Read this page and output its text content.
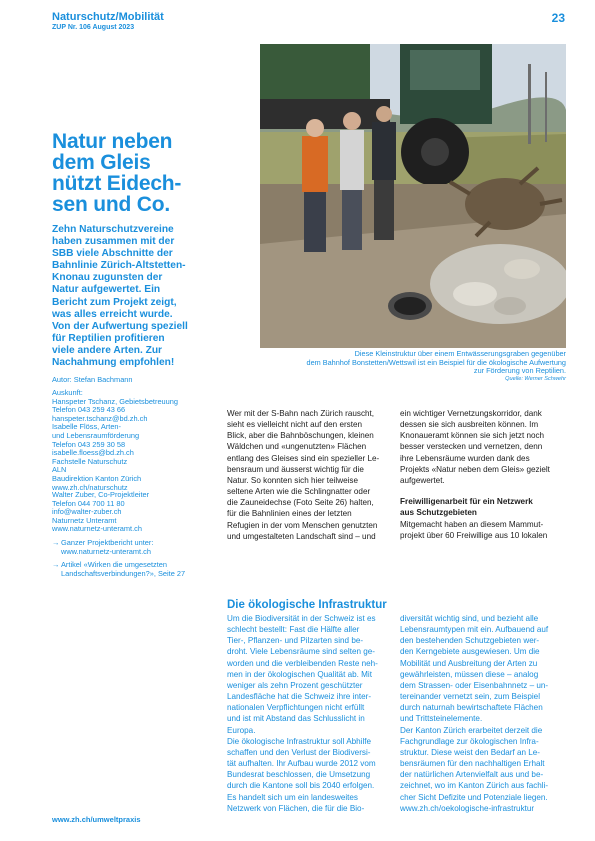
Naturschutz/Mobilität
ZUP Nr. 106 August 2023
23
Natur neben
dem Gleis
nützt Eidech-
sen und Co.
Zehn Naturschutzvereine
haben zusammen mit der
SBB viele Abschnitte der
Bahnlinie Zürich-Altstetten-
Knonau zugunsten der
Natur aufgewertet. Ein
Bericht zum Projekt zeigt,
was alles erreicht wurde.
Von der Aufwertung speziell
für Reptilien profitieren
viele andere Arten. Zur
Nachahmung empfohlen!
Autor: Stefan Bachmann
Auskunft:
Hanspeter Tschanz, Gebietsbetreuung
Telefon 043 259 43 66
hanspeter.tschanz@bd.zh.ch
Isabelle Flöss, Arten-
und Lebensraumförderung
Telefon 043 259 30 58
isabelle.floess@bd.zh.ch
Fachstelle Naturschutz
ALN
Baudirektion Kanton Zürich
www.zh.ch/naturschutz
Walter Zuber, Co-Projektleiter
Telefon 044 700 11 80
info@walter-zuber.ch
Naturnetz Unteramt
www.naturnetz-unteramt.ch
→ Ganzer Projektbericht unter:
www.naturnetz-unteramt.ch
→ Artikel «Wirken die umgesetzten
Landschaftsverbindungen?», Seite 27
Diese Kleinstruktur über einem Entwässerungsgraben gegenüber
dem Bahnhof Bonstetten/Wettswil ist ein Beispiel für die ökologische Aufwertung
zur Förderung von Reptilien.
Quelle: Werner Schwehr
Wer mit der S-Bahn nach Zürich rauscht,
sieht es vielleicht nicht auf den ersten
Blick, aber die Bahnböschungen, kleinen
Wäldchen und «ungenutzten» Flächen
entlang des Gleises sind ein spezieller Le-
bensraum und äusserst wichtig für die
Natur. So konnten sich hier teilweise
seltene Arten wie die Schlingnatter oder
die Zauneidechse (Foto Seite 26) halten,
für die Bahnlinien eines der letzten
Refugien in der vom Menschen genutzten
und umgestalteten Landschaft sind – und
ein wichtiger Vernetzungskorridor, dank
dessen sie sich ausbreiten können. Im
Knonaueramt können sie sich jetzt noch
besser verstecken und vernetzen, denn
ihre Lebensräume wurden dank des
Projekts «Natur neben dem Gleis» gezielt
aufgewertet.
Freiwilligenarbeit für ein Netzwerk
aus Schutzgebieten
Mitgemacht haben an diesem Mammut-
projekt über 60 Freiwillige aus 10 lokalen
Die ökologische Infrastruktur
Um die Biodiversität in der Schweiz ist es
schlecht bestellt: Fast die Hälfte aller
Tier-, Pflanzen- und Pilzarten sind be-
droht. Viele Lebensräume sind selten ge-
worden und die verbleibenden Reste neh-
men in der ökologischen Qualität ab. Mit
weniger als zehn Prozent geschützter
Landesfläche hat die Schweiz ihre inter-
nationalen Verpflichtungen nicht erfüllt
und ist mit Abstand das Schlusslicht in
Europa.
Die ökologische Infrastruktur soll Abhilfe
schaffen und den Verlust der Biodiversi-
tät aufhalten. Ihr Aufbau wurde 2012 vom
Bundesrat beschlossen, die Umsetzung
durch die Kantone soll bis 2040 erfolgen.
Es handelt sich um ein landesweites
Netzwerk von Flächen, die für die Bio-
diversität wichtig sind, und bezieht alle
Lebensraumtypen mit ein. Aufbauend auf
den bestehenden Schutzgebieten wer-
den Kerngebiete ausgewiesen. Um die
Mobilität und Ausbreitung der Arten zu
gewährleisten, müssen diese – analog
dem Strassen- oder Eisenbahnnetz – un-
tereinander vernetzt sein, zum Beispiel
durch naturnah bewirtschaftete Flächen
und Trittsteinelemente.
Der Kanton Zürich erarbeitet derzeit die
Fachgrundlage zur ökologischen Infra-
struktur. Diese weist den Bedarf an Le-
bensräumen für den nachhaltigen Erhalt
der natürlichen Artenvielfalt aus und be-
zeichnet, wo im Kanton Zürich aus fachli-
cher Sicht Defizite und Potenziale liegen.
www.zh.ch/oekologische-infrastruktur
www.zh.ch/umweltpraxis
